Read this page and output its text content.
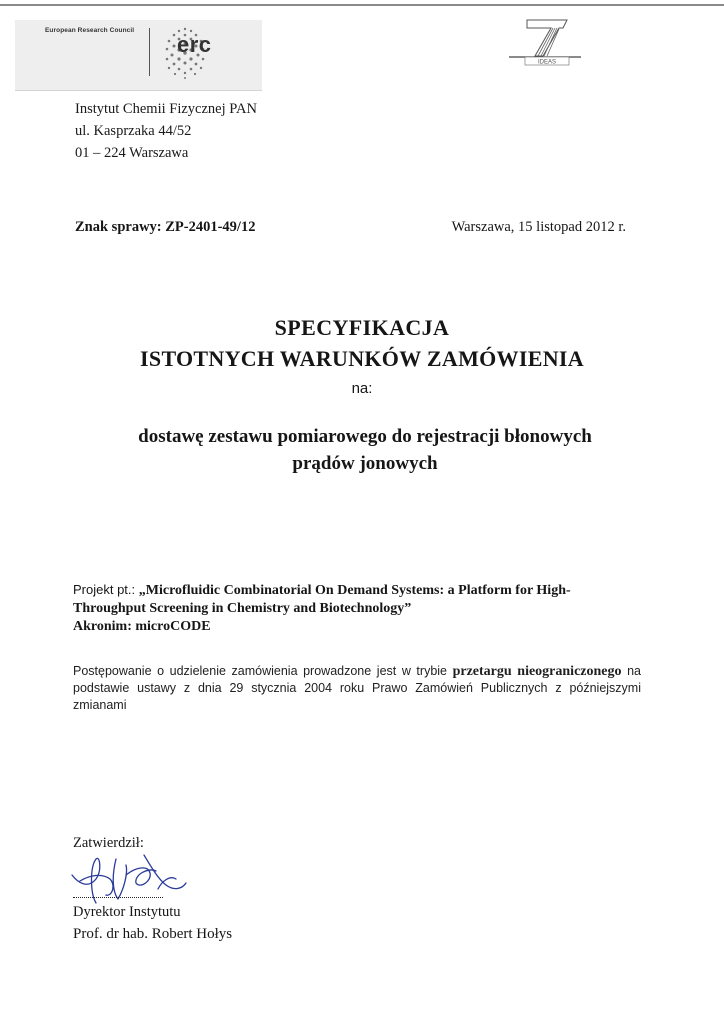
European Research Council
erc
IDEAS
Instytut Chemii Fizycznej PAN
ul. Kasprzaka 44/52
01 – 224 Warszawa
Znak sprawy: ZP-2401-49/12	Warszawa, 15 listopad 2012 r.
SPECYFIKACJA
ISTOTNYCH WARUNKÓW ZAMÓWIENIA
na:
dostawę zestawu pomiarowego do rejestracji błonowych
prądów jonowych
Projekt pt.: „Microfluidic Combinatorial On Demand Systems: a Platform for High-
Throughput Screening in Chemistry and Biotechnology”
Akronim: microCODE
Postępowanie o udzielenie zamówienia prowadzone jest w trybie przetargu nieograniczonego na podstawie ustawy z dnia 29 stycznia 2004 roku Prawo Zamówień Publicznych z późniejszymi zmianami
Zatwierdził:
Dyrektor Instytutu
Prof. dr hab. Robert Hołys
